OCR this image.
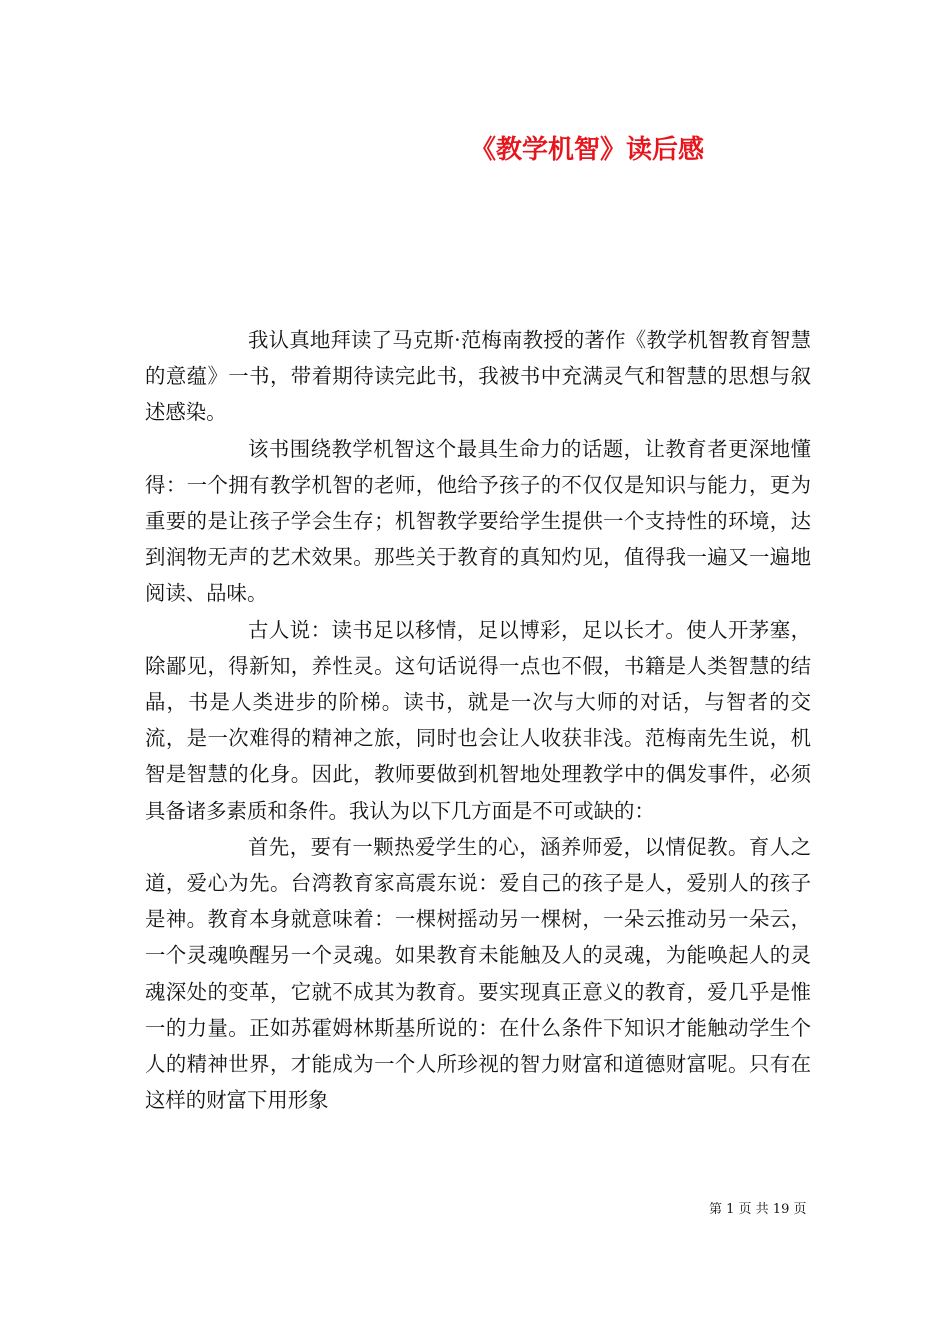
《教学机智》读后感

我认真地拜读了马克斯·范梅南教授的著作《教学机智教育智慧的意蕴》一书，带着期待读完此书，我被书中充满灵气和智慧的思想与叙述感染。

该书围绕教学机智这个最具生命力的话题，让教育者更深地懂得：一个拥有教学机智的老师，他给予孩子的不仅仅是知识与能力，更为重要的是让孩子学会生存；机智教学要给学生提供一个支持性的环境，达到润物无声的艺术效果。那些关于教育的真知灼见，值得我一遍又一遍地阅读、品味。

古人说：读书足以移情，足以博彩，足以长才。使人开茅塞，除鄙见，得新知，养性灵。这句话说得一点也不假，书籍是人类智慧的结晶，书是人类进步的阶梯。读书，就是一次与大师的对话，与智者的交流，是一次难得的精神之旅，同时也会让人收获非浅。范梅南先生说，机智是智慧的化身。因此，教师要做到机智地处理教学中的偶发事件，必须具备诸多素质和条件。我认为以下几方面是不可或缺的：

首先，要有一颗热爱学生的心，涵养师爱，以情促教。育人之道，爱心为先。台湾教育家高震东说：爱自己的孩子是人，爱别人的孩子是神。教育本身就意味着：一棵树摇动另一棵树，一朵云推动另一朵云，一个灵魂唤醒另一个灵魂。如果教育未能触及人的灵魂，为能唤起人的灵魂深处的变革，它就不成其为教育。要实现真正意义的教育，爱几乎是惟一的力量。正如苏霍姆林斯基所说的：在什么条件下知识才能触动学生个人的精神世界，才能成为一个人所珍视的智力财富和道德财富呢。只有在这样的财富下用形象

第 1 页 共 19 页
